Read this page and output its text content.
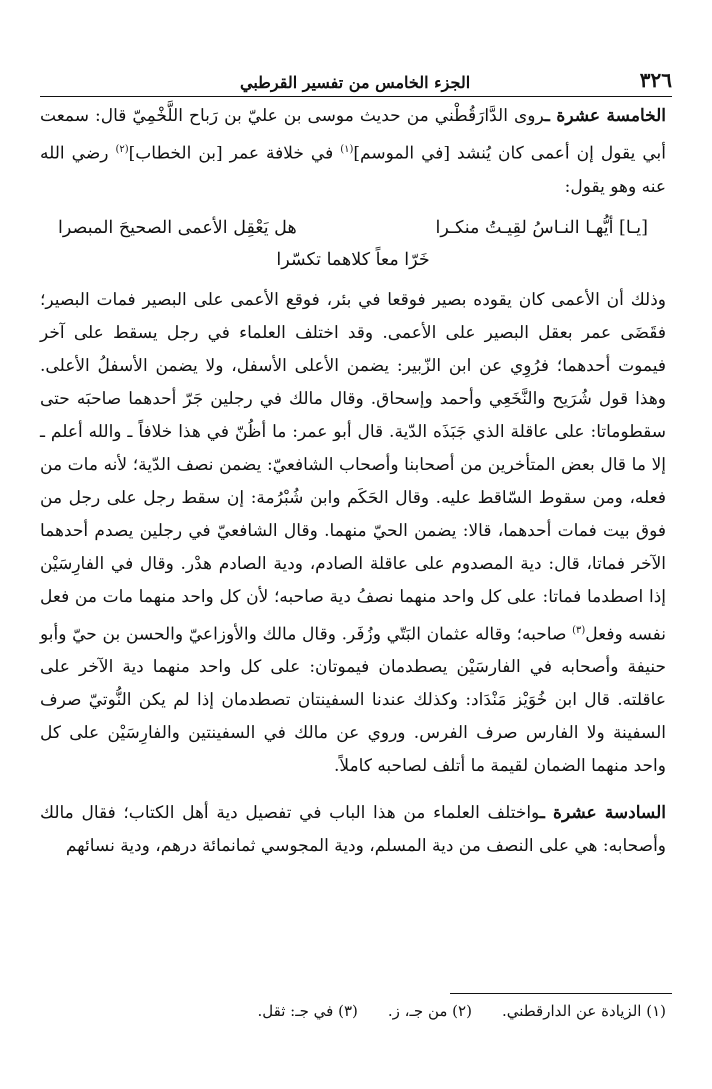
٣٢٦
الجزء الخامس من تفسير القرطبي

الخامسة عشرة ـروى الدَّارَقُطْني من حديث موسى بن عليّ بن رَباح اللَّخْمِيّ قال: سمعت أبي يقول إن أعمى كان يُنشد [في الموسم]$^{(١)}$ في خلافة عمر [بن الخطاب]$^{(٢)}$ رضي الله عنه وهو يقول:

[يـا] أيُّهـا النـاسُ لقِيـتُ منكـرا
هل يَعْقِل الأعمى الصحيحَ المبصرا
خَرّا معاً كلاهما تكسّرا

وذلك أن الأعمى كان يقوده بصير فوقعا في بئر، فوقع الأعمى على البصير فمات البصير؛ فقَضَى عمر بعقل البصير على الأعمى. وقد اختلف العلماء في رجل يسقط على آخر فيموت أحدهما؛ فرُوِي عن ابن الزّبير: يضمن الأعلى الأسفل، ولا يضمن الأسفلُ الأعلى. وهذا قول شُرَيح والنَّخَعِي وأحمد وإسحاق. وقال مالك في رجلين جَرّ أحدهما صاحبَه حتى سقطوماتا: على عاقلة الذي جَبَذَه الدّية. قال أبو عمر: ما أظُنّ في هذا خلافاً ـ والله أعلم ـ إلا ما قال بعض المتأخرين من أصحابنا وأصحاب الشافعيّ: يضمن نصف الدّية؛ لأنه مات من فعله، ومن سقوط السّاقط عليه. وقال الحَكَم وابن شُبْرُمة: إن سقط رجل على رجل من فوق بيت فمات أحدهما، قالا: يضمن الحيّ منهما. وقال الشافعيّ في رجلين يصدم أحدهما الآخر فماتا، قال: دية المصدوم على عاقلة الصادم، ودية الصادم هدْر. وقال في الفارِسَيْن إذا اصطدما فماتا: على كل واحد منهما نصفُ دية صاحبه؛ لأن كل واحد منهما مات من فعل نفسه وفعل$^{(٣)}$ صاحبه؛ وقاله عثمان البَتّي وزُفَر. وقال مالك والأوزاعيّ والحسن بن حيّ وأبو حنيفة وأصحابه في الفارسَيْن يصطدمان فيموتان: على كل واحد منهما دية الآخر على عاقلته. قال ابن خُوَيْز مَنْدَاد: وكذلك عندنا السفينتان تصطدمان إذا لم يكن النُّوتيّ صرف السفينة ولا الفارس صرف الفرس. وروي عن مالك في السفينتين والفارِسَيْن على كل واحد منهما الضمان لقيمة ما أتلف لصاحبه كاملاً.

السادسة عشرة ـواختلف العلماء من هذا الباب في تفصيل دية أهل الكتاب؛ فقال مالك وأصحابه: هي على النصف من دية المسلم، ودية المجوسي ثمانمائة درهم، ودية نسائهم

(١) الزيادة عن الدارقطني.
(٢) من جـ، ز.
(٣) في جـ: ثقل.
